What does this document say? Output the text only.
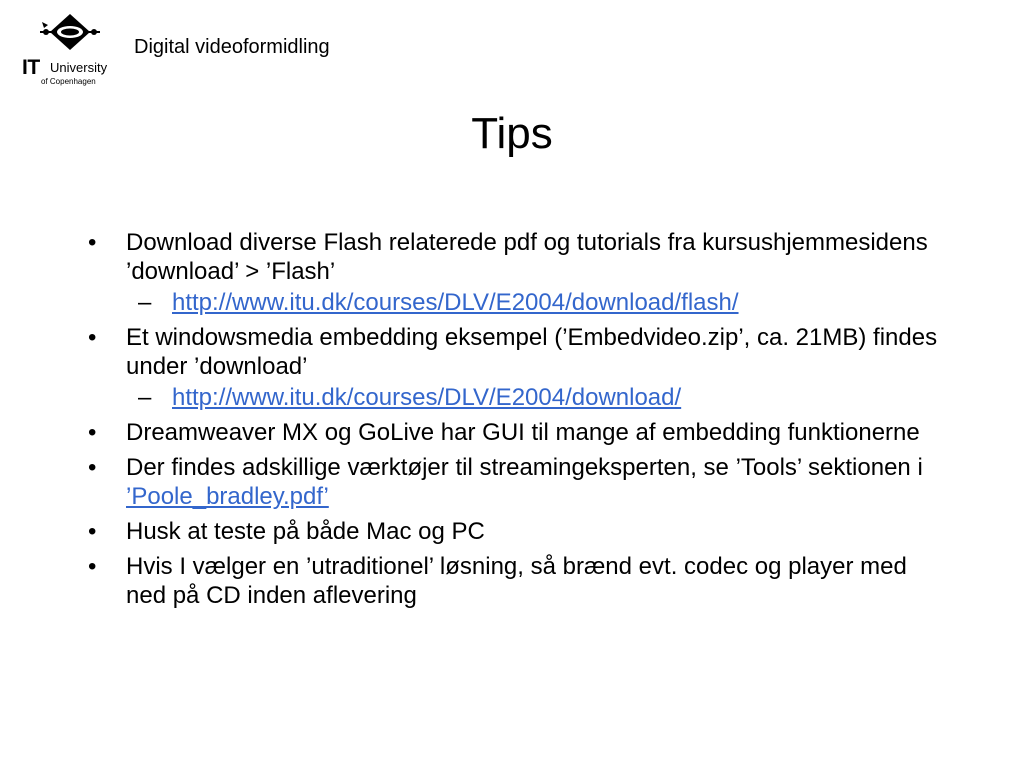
IT University
of Copenhagen
Digital videoformidling
Tips
• Download diverse Flash relaterede pdf og tutorials fra kursushjemmesidens ’download’ > ’Flash’
– http://www.itu.dk/courses/DLV/E2004/download/flash/
• Et windowsmedia embedding eksempel (’Embedvideo.zip’, ca. 21MB) findes under ’download’
– http://www.itu.dk/courses/DLV/E2004/download/
• Dreamweaver MX og GoLive har GUI til mange af embedding funktionerne
• Der findes adskillige værktøjer til streamingeksperten, se ’Tools’ sektionen i ’Poole_bradley.pdf’
• Husk at teste på både Mac og PC
• Hvis I vælger en ’utraditionel’ løsning, så brænd evt. codec og player med ned på CD inden aflevering
